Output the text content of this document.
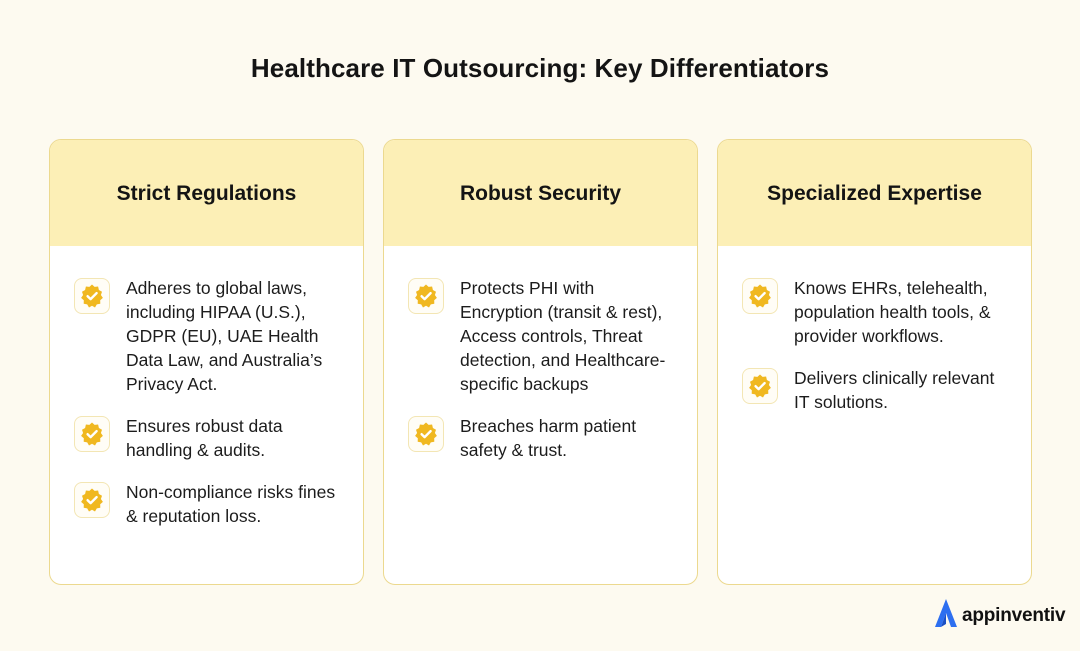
Healthcare IT Outsourcing: Key Differentiators
Strict Regulations
Adheres to global laws, including HIPAA (U.S.), GDPR (EU), UAE Health Data Law, and Australia’s Privacy Act.
Ensures robust data handling & audits.
Non-compliance risks fines & reputation loss.
Robust Security
Protects PHI with Encryption (transit & rest), Access controls, Threat detection, and Healthcare-specific backups
Breaches harm patient safety & trust.
Specialized Expertise
Knows EHRs, telehealth, population health tools, & provider workflows.
Delivers clinically relevant IT solutions.
appinventiv
